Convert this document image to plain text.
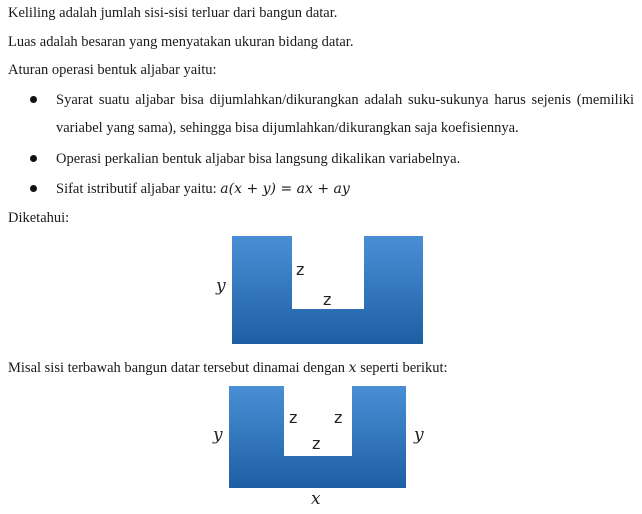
Keliling adalah jumlah sisi-sisi terluar dari bangun datar.
Luas adalah besaran yang menyatakan ukuran bidang datar.
Aturan operasi bentuk aljabar yaitu:
Syarat suatu aljabar bisa dijumlahkan/dikurangkan adalah suku-sukunya harus sejenis (memiliki variabel yang sama), sehingga bisa dijumlahkan/dikurangkan saja koefisiennya.
Operasi perkalian bentuk aljabar bisa langsung dikalikan variabelnya.
Sifat istributif aljabar yaitu: a(x + y) = ax + ay
Diketahui:
y
z
z
Misal sisi terbawah bangun datar tersebut dinamai dengan x seperti berikut:
y	y
z z
z
x
